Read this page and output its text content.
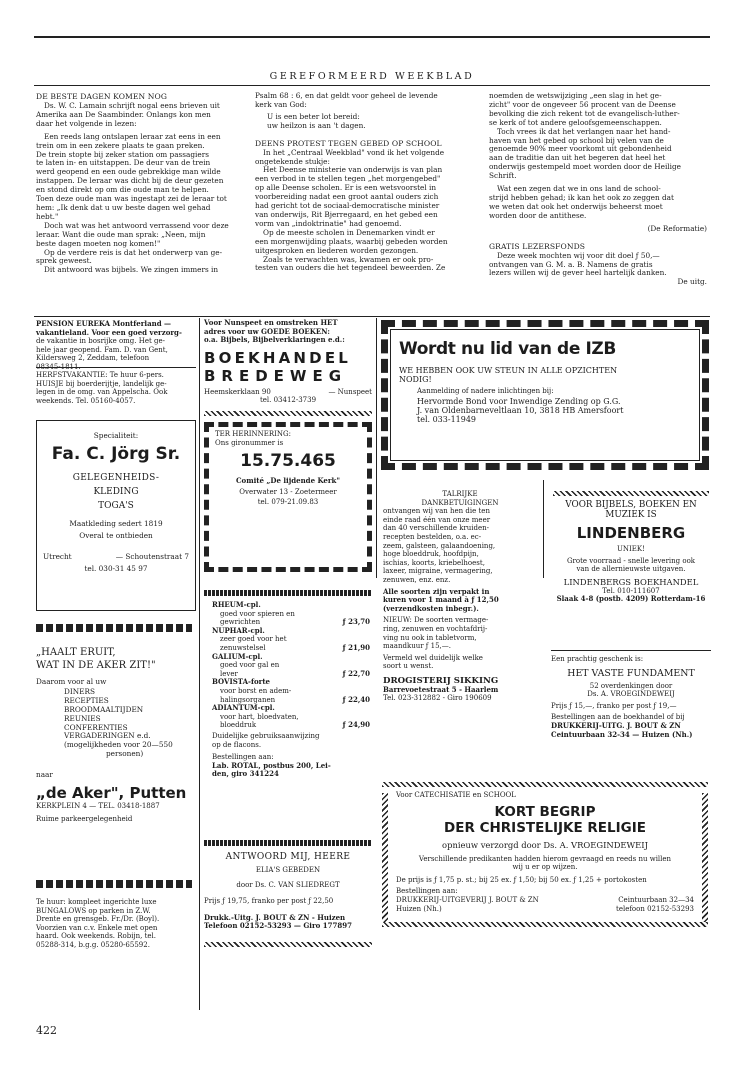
GEREFORMEERD WEEKBLAD
DE BESTE DAGEN KOMEN NOG
Ds. W. C. Lamain schrijft nogal eens brieven uit
Amerika aan De Saambinder. Onlangs kon men
daar het volgende in lezen:
Een reeds lang ontslapen leraar zat eens in een
trein om in een zekere plaats te gaan preken.
De trein stopte bij zeker station om passagiers
te laten in- en uitstappen. De deur van de trein
werd geopend en een oude gebrekkige man wilde
instappen. De leraar was dicht bij de deur gezeten
en stond direkt op om die oude man te helpen.
Toen deze oude man was ingestapt zei de leraar tot
hem: „Ik denk dat u uw beste dagen wel gehad
hebt."
Doch wat was het antwoord verrassend voor deze
leraar. Want die oude man sprak: „Neen, mijn
beste dagen moeten nog komen!"
Op de verdere reis is dat het onderwerp van ge-
sprek geweest.
Dit antwoord was bijbels. We zingen immers in
Psalm 68 : 6, en dat geldt voor geheel de levende
kerk van God:
U is een beter lot bereid:
uw heilzon is aan 't dagen.
DEENS PROTEST TEGEN GEBED OP SCHOOL
In het „Centraal Weekblad" vond ik het volgende
ongetekende stukje:
Het Deense ministerie van onderwijs is van plan
een verbod in te stellen tegen „het morgengebed"
op alle Deense scholen. Er is een wetsvoorstel in
voorbereiding nadat een groot aantal ouders zich
had gericht tot de sociaal-democratische minister
van onderwijs, Rit Bjerregaard, en het gebed een
vorm van „indoktrinatie" had genoemd.
Op de meeste scholen in Denemarken vindt er
een morgenwijding plaats, waarbij gebeden worden
uitgesproken en liederen worden gezongen.
Zoals te verwachten was, kwamen er ook pro-
testen van ouders die het tegendeel beweerden. Ze
noemden de wetswijziging „een slag in het ge-
zicht" voor de ongeveer 56 procent van de Deense
bevolking die zich rekent tot de evangelisch-luther-
se kerk of tot andere geloofsgemeenschappen.
Toch vrees ik dat het verlangen naar het hand-
haven van het gebed op school bij velen van de
genoemde 90% meer voorkomt uit gebondenheid
aan de traditie dan uit het begeren dat heel het
onderwijs gestempeld moet worden door de Heilige
Schrift.
Wat een zegen dat we in ons land de school-
strijd hebben gehad; ik kan het ook zo zeggen dat
we weten dat ook het onderwijs beheerst moet
worden door de antithese.
(De Reformatie)
GRATIS LEZERSFONDS
Deze week mochten wij voor dit doel ƒ 50,—
ontvangen van G. M. a. B. Namens de gratis
lezers willen wij de gever heel hartelijk danken.
De uitg.
PENSION EUREKA Montferland — vakantieland. Voor een goed verzorg-
de vakantie in bosrijke omg. Het ge-
hele jaar geopend. Fam. D. van Gent,
Kildersweg 2, Zeddam, telefoon
HERFSTVAKANTIE: Te huur 6-pers.
HUISJE bij boerderijtje, landelijk ge-
legen in de omg. van Appelscha. Ook
weekends. Tel. 05160-4057.
Specialiteit:
Fa. C. Jörg Sr.
GELEGENHEIDS-
KLEDING
TOGA'S
Maatkleding sedert 1819
Overal te ontbieden
Utrecht	— Schoutenstraat 7
tel. 030-31 45 97
„HAALT ERUIT,
WAT IN DE AKER ZIT!"
Daarom voor al uw
DINERS
RECEPTIES
BROODMAALTIJDEN
REUNIES
CONFERENTIES
VERGADERINGEN e.d.
(mogelijkheden voor 20—550
personen)
naar
„de Aker", Putten
KERKPLEIN 4 — TEL. 03418-1887
Ruime parkeergelegenheid
Te huur: kompleet ingerichte luxe
BUNGALOWS op parken in Z.W.
Drente en grensgeb. Fr./Dr. (Boyl).
Voorzien van c.v. Enkele met open
haard. Ook weekends. Robijn, tel.
05288-314, b.g.g. 05280-65592.
422
Voor Nunspeet en omstreken HET
adres voor uw GOEDE BOEKEN:
o.a. Bijbels, Bijbelverklaringen e.d.:
BOEKHANDEL
BREDEWEG
Heemskerklaan 90	— Nunspeet
tel. 03412-3739
TER HERINNERING:
Ons gironummer is
15.75.465
Comité „De lijdende Kerk"
Overwater 13 - Zoetermeer
tel. 079-21.09.83
RHEUM-cpl.
goed voor spieren en
gewrichten	ƒ 23,70
NUPHAR-cpl.
zeer goed voor het
zenuwstelsel	ƒ 21,90
GALIUM-cpl.
goed voor gal en
lever	ƒ 22,70
BOVISTA-forte
voor borst en adem-
halingsorganen	ƒ 22,40
ADIANTUM-cpl.
voor hart, bloedvaten,
bloeddruk	ƒ 24,90
Duidelijke gebruiksaanwijzing
op de flacons.
Bestellingen aan:
Lab. ROTAL, postbus 200, Lei-
den, giro 341224
ANTWOORD MIJ, HEERE
ELIA'S GEBEDEN
door Ds. C. VAN SLIEDREGT
Prijs ƒ 19,75, franko per post ƒ 22,50
Drukk.-Uitg. J. BOUT & ZN - Huizen
Telefoon 02152-53293 — Giro 177897
Wordt nu lid van de IZB
WE HEBBEN OOK UW STEUN IN ALLE OPZICHTEN
NODIG!
Aanmelding of nadere inlichtingen bij:
Hervormde Bond voor Inwendige Zending op G.G.
J. van Oldenbarneveltlaan 10, 3818 HB Amersfoort
tel. 033-11949
TALRIJKE
DANKBETUIGINGEN
ontvangen wij van hen die ten
einde raad één van onze meer
dan 40 verschillende kruiden-
recepten bestelden, o.a. ec-
zeem, galsteen, galaandoening,
hoge bloeddruk, hoofdpijn,
ischias, koorts, kriebelhoest,
laxeer, migraine, vermagering,
zenuwen, enz. enz.
Alle soorten zijn verpakt in
kuren voor 1 maand à ƒ 12,50
(verzendkosten inbegr.).
NIEUW: De soorten vermage-
ring, zenuwen en vochtafdrij-
ving nu ook in tabletvorm,
maandkuur ƒ 15,—.
Vermeld wel duidelijk welke
soort u wenst.
DROGISTERIJ SIKKING
Barrevoetestraat 5 - Haarlem
Tel. 023-312882 - Giro 190609
VOOR BIJBELS, BOEKEN EN
MUZIEK IS
LINDENBERG
UNIEK!
Grote voorraad - snelle levering ook
van de allernieuwste uitgaven.
LINDENBERGS BOEKHANDEL
Tel. 010-111607
Slaak 4-8 (postb. 4209) Rotterdam-16
Een prachtig geschenk is:
HET VASTE FUNDAMENT
52 overdenkingen door
Ds. A. VROEGINDEWEIJ
Prijs ƒ 15,—, franko per post ƒ 19,—
Bestellingen aan de boekhandel of bij
DRUKKERIJ-UITG. J. BOUT & ZN
Ceintuurbaan 32-34 — Huizen (Nh.)
Voor CATECHISATIE en SCHOOL
KORT BEGRIP
DER CHRISTELIJKE RELIGIE
opnieuw verzorgd door Ds. A. VROEGINDEWEIJ
Verschillende predikanten hadden hierom gevraagd en reeds nu willen
wij u er op wijzen.
De prijs is ƒ 1,75 p. st.; bij 25 ex. ƒ 1,50; bij 50 ex. ƒ 1,25 + portokosten
Bestellingen aan:
DRUKKERIJ-UITGEVERIJ J. BOUT & ZN	Ceintuurbaan 32—34
Huizen (Nh.)	telefoon 02152-53293
